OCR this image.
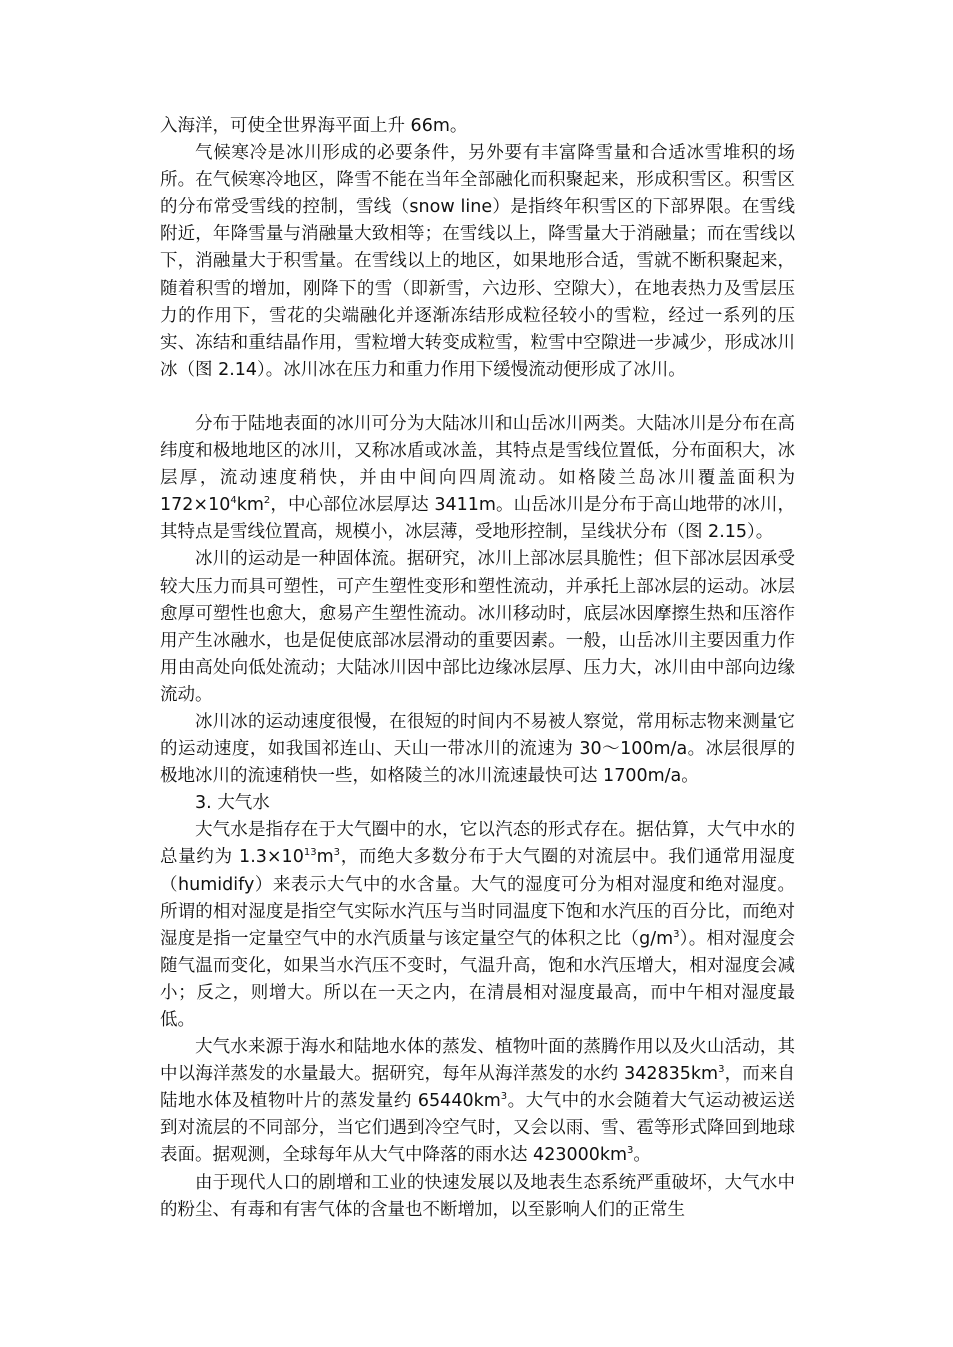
入海洋，可使全世界海平面上升 66m。

气候寒冷是冰川形成的必要条件，另外要有丰富降雪量和合适冰雪堆积的场所。在气候寒冷地区，降雪不能在当年全部融化而积聚起来，形成积雪区。积雪区的分布常受雪线的控制，雪线（snow line）是指终年积雪区的下部界限。在雪线附近，年降雪量与消融量大致相等；在雪线以上，降雪量大于消融量；而在雪线以下，消融量大于积雪量。在雪线以上的地区，如果地形合适，雪就不断积聚起来，随着积雪的增加，刚降下的雪（即新雪，六边形、空隙大），在地表热力及雪层压力的作用下，雪花的尖端融化并逐渐冻结形成粒径较小的雪粒，经过一系列的压实、冻结和重结晶作用，雪粒增大转变成粒雪，粒雪中空隙进一步减少，形成冰川冰（图 2.14）。冰川冰在压力和重力作用下缓慢流动便形成了冰川。

分布于陆地表面的冰川可分为大陆冰川和山岳冰川两类。大陆冰川是分布在高纬度和极地地区的冰川，又称冰盾或冰盖，其特点是雪线位置低，分布面积大，冰层厚，流动速度稍快，并由中间向四周流动。如格陵兰岛冰川覆盖面积为 $172\times 10^4km^2$，中心部位冰层厚达 3411m。山岳冰川是分布于高山地带的冰川，其特点是雪线位置高，规模小，冰层薄，受地形控制，呈线状分布（图 2.15）。

冰川的运动是一种固体流。据研究，冰川上部冰层具脆性；但下部冰层因承受较大压力而具可塑性，可产生塑性变形和塑性流动，并承托上部冰层的运动。冰层愈厚可塑性也愈大，愈易产生塑性流动。冰川移动时，底层冰因摩擦生热和压溶作用产生冰融水，也是促使底部冰层滑动的重要因素。一般，山岳冰川主要因重力作用由高处向低处流动；大陆冰川因中部比边缘冰层厚、压力大，冰川由中部向边缘流动。

冰川冰的运动速度很慢，在很短的时间内不易被人察觉，常用标志物来测量它的运动速度，如我国祁连山、天山一带冰川的流速为 30～100m/a。冰层很厚的极地冰川的流速稍快一些，如格陵兰的冰川流速最快可达 1700m/a。

3. 大气水

大气水是指存在于大气圈中的水，它以汽态的形式存在。据估算，大气中水的总量约为 $1.3\times 10^{13}m^3$，而绝大多数分布于大气圈的对流层中。我们通常用湿度（humidify）来表示大气中的水含量。大气的湿度可分为相对湿度和绝对湿度。所谓的相对湿度是指空气实际水汽压与当时同温度下饱和水汽压的百分比，而绝对湿度是指一定量空气中的水汽质量与该定量空气的体积之比$(g/m^3)$。相对湿度会随气温而变化，如果当水汽压不变时，气温升高，饱和水汽压增大，相对湿度会减小；反之，则增大。所以在一天之内，在清晨相对湿度最高，而中午相对湿度最低。

大气水来源于海水和陆地水体的蒸发、植物叶面的蒸腾作用以及火山活动，其中以海洋蒸发的水量最大。据研究，每年从海洋蒸发的水约 $342835km^3$，而来自陆地水体及植物叶片的蒸发量约 $65440km^3$。大气中的水会随着大气运动被运送到对流层的不同部分，当它们遇到冷空气时，又会以雨、雪、雹等形式降回到地球表面。据观测，全球每年从大气中降落的雨水达 $423000km^3$。

由于现代人口的剧增和工业的快速发展以及地表生态系统严重破坏，大气水中的粉尘、有毒和有害气体的含量也不断增加，以至影响人们的正常生
